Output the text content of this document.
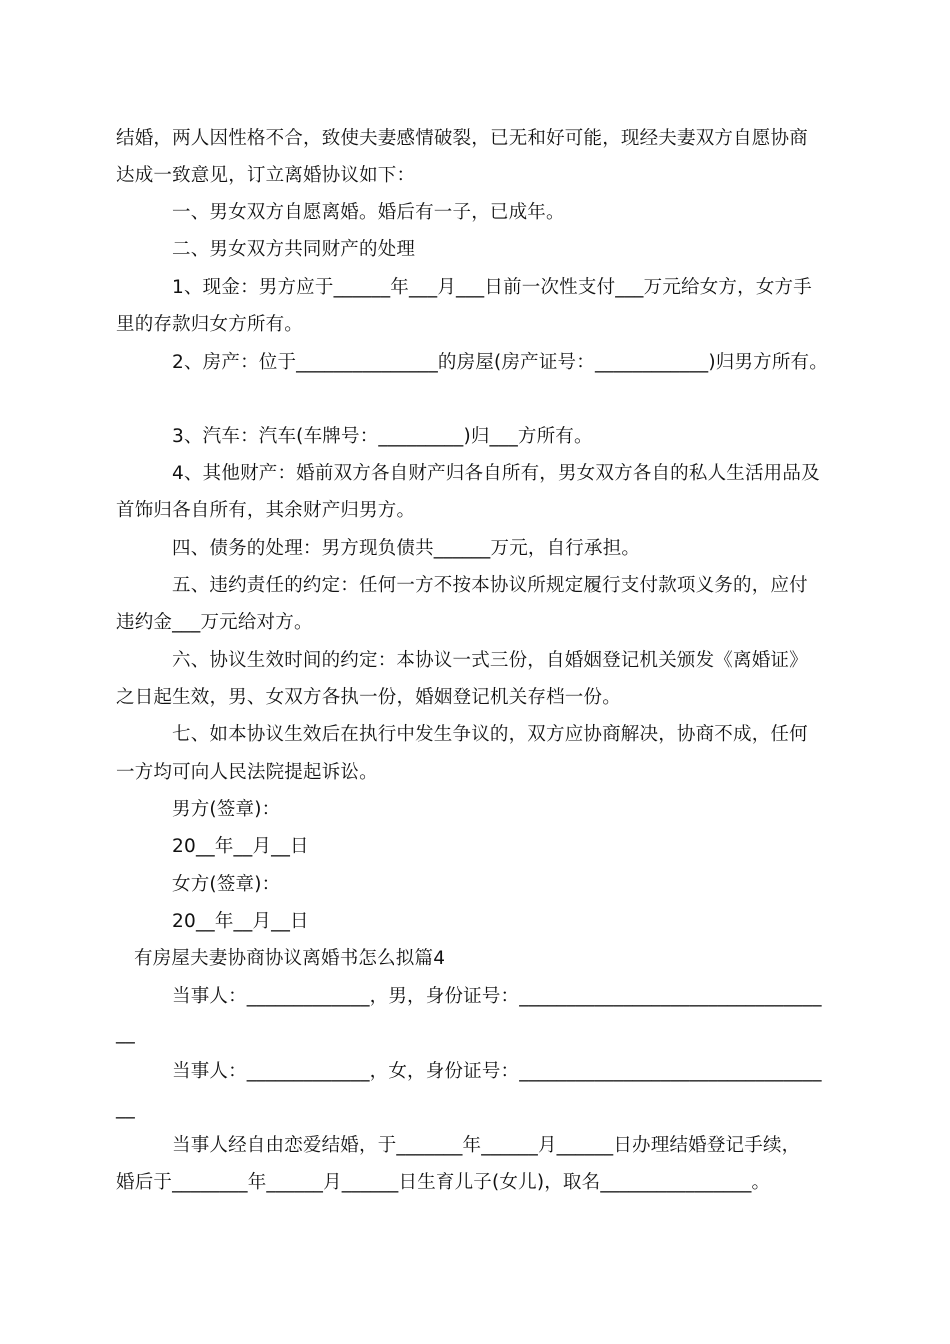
结婚，两人因性格不合，致使夫妻感情破裂，已无和好可能，现经夫妻双方自愿协商
达成一致意见，订立离婚协议如下：
一、男女双方自愿离婚。婚后有一子，已成年。
二、男女双方共同财产的处理
1、现金：男方应于______年___月___日前一次性支付___万元给女方，女方手
里的存款归女方所有。
2、房产：位于_______________的房屋(房产证号：____________)归男方所有。
3、汽车：汽车(车牌号：_________)归___方所有。
4、其他财产：婚前双方各自财产归各自所有，男女双方各自的私人生活用品及
首饰归各自所有，其余财产归男方。
四、债务的处理：男方现负债共______万元，自行承担。
五、违约责任的约定：任何一方不按本协议所规定履行支付款项义务的，应付
违约金___万元给对方。
六、协议生效时间的约定：本协议一式三份，自婚姻登记机关颁发《离婚证》
之日起生效，男、女双方各执一份，婚姻登记机关存档一份。
七、如本协议生效后在执行中发生争议的，双方应协商解决，协商不成，任何
一方均可向人民法院提起诉讼。
男方(签章)：
20__年__月__日
女方(签章)：
20__年__月__日
有房屋夫妻协商协议离婚书怎么拟篇4
当事人：_____________，男，身份证号：________________________________
__
当事人：_____________，女，身份证号：________________________________
__
当事人经自由恋爱结婚，于_______年______月______日办理结婚登记手续，
婚后于________年______月______日生育儿子(女儿)，取名________________。
